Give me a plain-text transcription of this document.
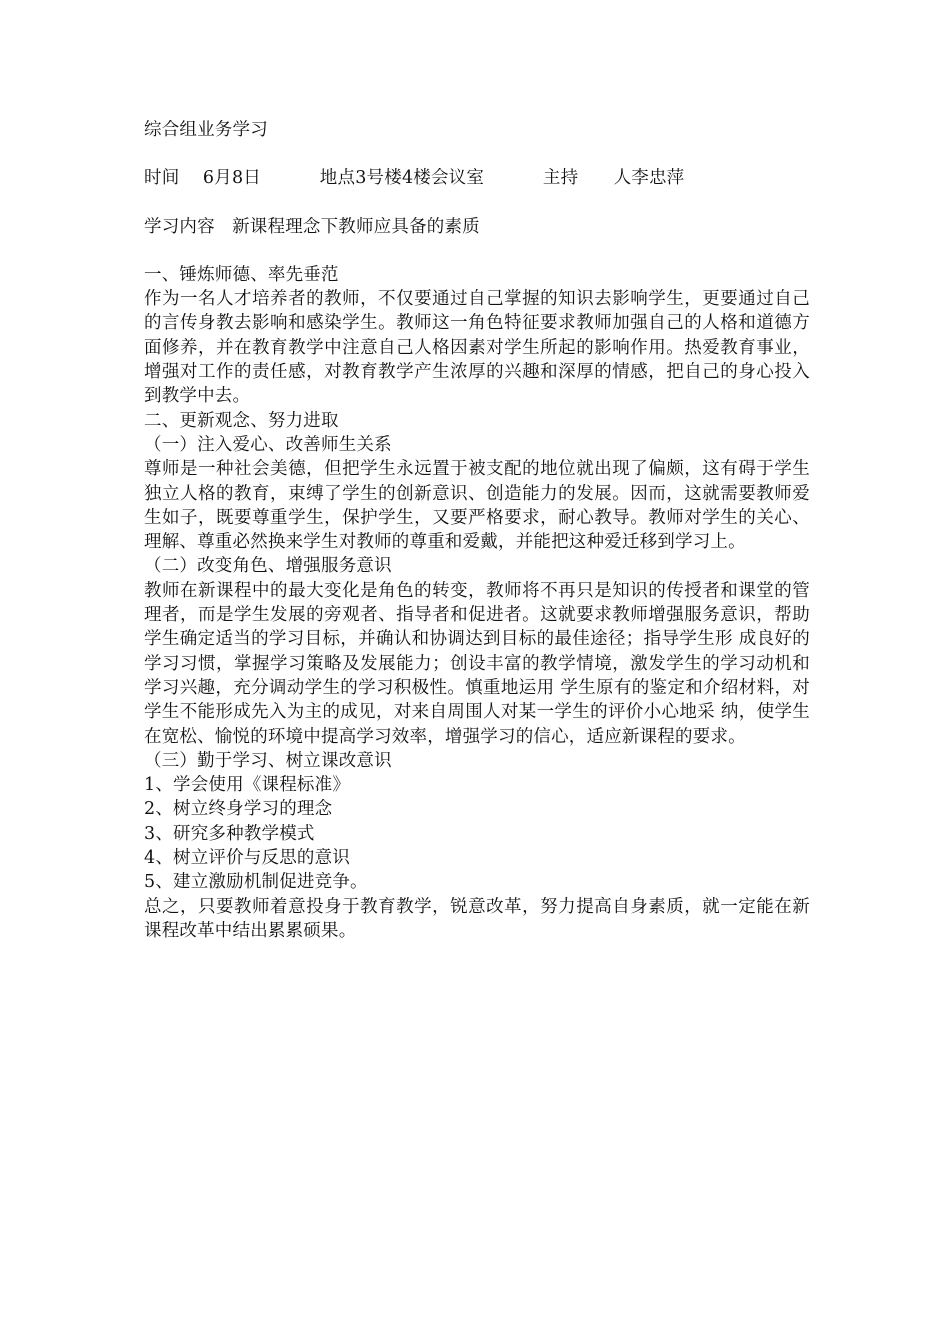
综合组业务学习

时间  6月8日     地点3号楼4楼会议室     主持   人李忠萍

学习内容   新课程理念下教师应具备的素质

一、锤炼师德、率先垂范

作为一名人才培养者的教师，不仅要通过自己掌握的知识去影响学生，更要通过自己的言传身教去影响和感染学生。教师这一角色特征要求教师加强自己的人格和道德方面修养，并在教育教学中注意自己人格因素对学生所起的影响作用。热爱教育事业，增强对工作的责任感，对教育教学产生浓厚的兴趣和深厚的情感，把自己的身心投入到教学中去。

二、更新观念、努力进取

（一）注入爱心、改善师生关系

尊师是一种社会美德，但把学生永远置于被支配的地位就出现了偏颇，这有碍于学生独立人格的教育，束缚了学生的创新意识、创造能力的发展。因而，这就需要教师爱生如子，既要尊重学生，保护学生，又要严格要求，耐心教导。教师对学生的关心、理解、尊重必然换来学生对教师的尊重和爱戴，并能把这种爱迁移到学习上。

（二）改变角色、增强服务意识

教师在新课程中的最大变化是角色的转变，教师将不再只是知识的传授者和课堂的管理者，而是学生发展的旁观者、指导者和促进者。这就要求教师增强服务意识，帮助学生确定适当的学习目标，并确认和协调达到目标的最佳途径；指导学生形 成良好的学习习惯，掌握学习策略及发展能力；创设丰富的教学情境，激发学生的学习动机和学习兴趣，充分调动学生的学习积极性。慎重地运用 学生原有的鉴定和介绍材料，对学生不能形成先入为主的成见，对来自周围人对某一学生的评价小心地采 纳，使学生在宽松、愉悦的环境中提高学习效率，增强学习的信心，适应新课程的要求。

（三）勤于学习、树立课改意识

1、学会使用《课程标准》

2、树立终身学习的理念

3、研究多种教学模式

4、树立评价与反思的意识

5、建立激励机制促进竞争。

总之，只要教师着意投身于教育教学，锐意改革，努力提高自身素质，就一定能在新课程改革中结出累累硕果。
